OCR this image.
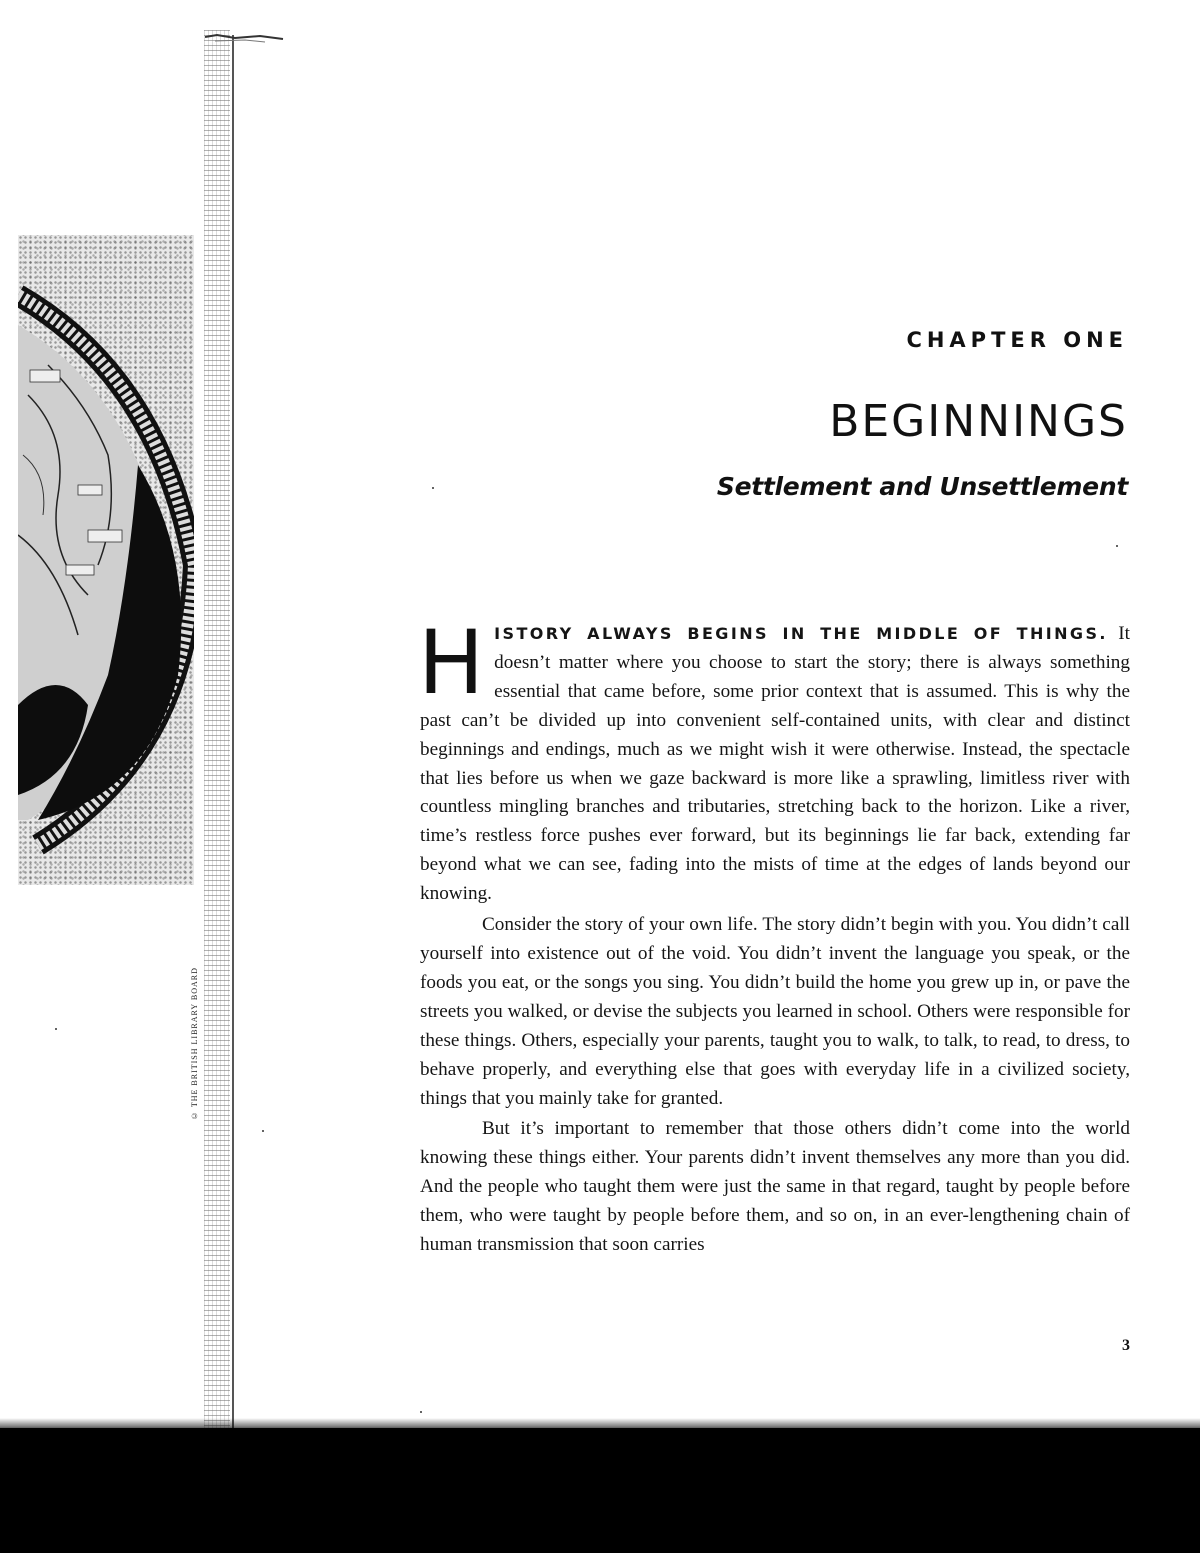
© THE BRITISH LIBRARY BOARD
CHAPTER ONE
BEGINNINGS
Settlement and Unsettlement

HISTORY ALWAYS BEGINS IN THE MIDDLE OF THINGS. It doesn’t matter where you choose to start the story; there is always something essential that came before, some prior context that is assumed. This is why the past can’t be divided up into convenient self-contained units, with clear and distinct beginnings and endings, much as we might wish it were otherwise. Instead, the spectacle that lies before us when we gaze backward is more like a sprawling, limitless river with countless mingling branches and tributaries, stretching back to the horizon. Like a river, time’s restless force pushes ever forward, but its beginnings lie far back, extending far beyond what we can see, fading into the mists of time at the edges of lands beyond our knowing.

Consider the story of your own life. The story didn’t begin with you. You didn’t call yourself into existence out of the void. You didn’t invent the language you speak, or the foods you eat, or the songs you sing. You didn’t build the home you grew up in, or pave the streets you walked, or devise the subjects you learned in school. Others were responsible for these things. Others, especially your parents, taught you to walk, to talk, to read, to dress, to behave properly, and everything else that goes with everyday life in a civilized society, things that you mainly take for granted.

But it’s important to remember that those others didn’t come into the world knowing these things either. Your parents didn’t invent themselves any more than you did. And the people who taught them were just the same in that regard, taught by people before them, who were taught by people before them, and so on, in an ever-lengthening chain of human transmission that soon carries

3
